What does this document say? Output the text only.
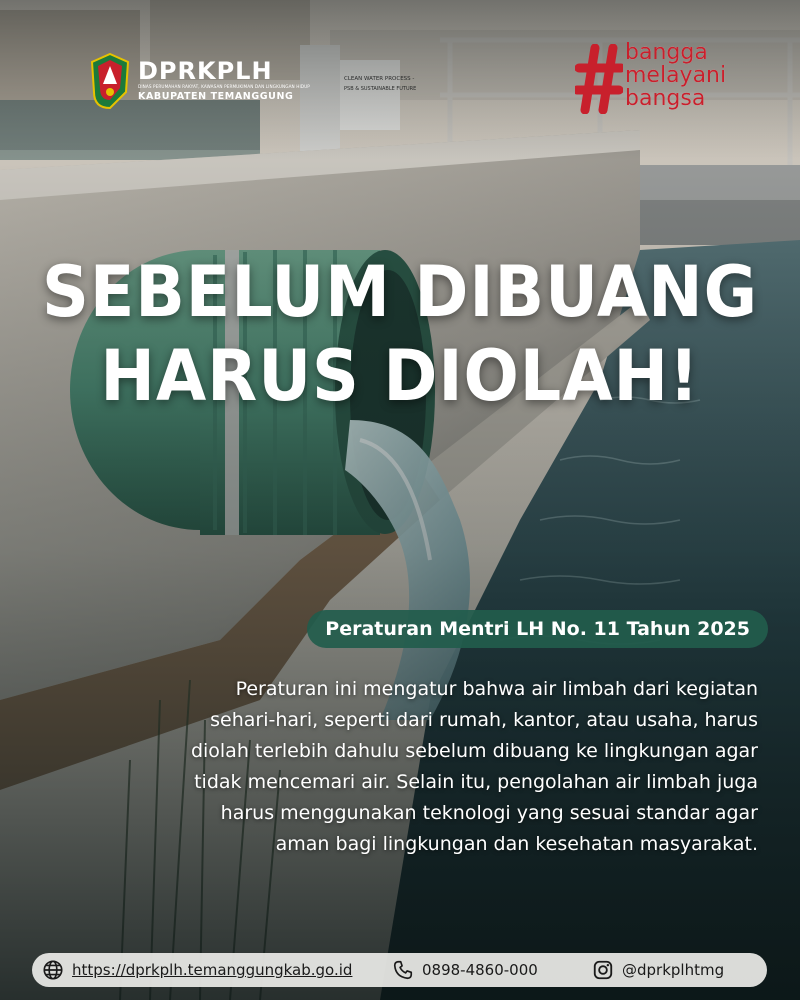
DPRKPLH
DINAS PERUMAHAN RAKYAT, KAWASAN PERMUKIMAN DAN LINGKUNGAN HIDUP
KABUPATEN TEMANGGUNG
bangga
melayani
bangsa
SEBELUM DIBUANG
HARUS DIOLAH!
Peraturan Mentri LH No. 11 Tahun 2025
Peraturan ini mengatur bahwa air limbah dari kegiatan
sehari-hari, seperti dari rumah, kantor, atau usaha, harus
diolah terlebih dahulu sebelum dibuang ke lingkungan agar
tidak mencemari air. Selain itu, pengolahan air limbah juga
harus menggunakan teknologi yang sesuai standar agar
aman bagi lingkungan dan kesehatan masyarakat.
https://dprkplh.temanggungkab.go.id	0898-4860-000	@dprkplhtmg
